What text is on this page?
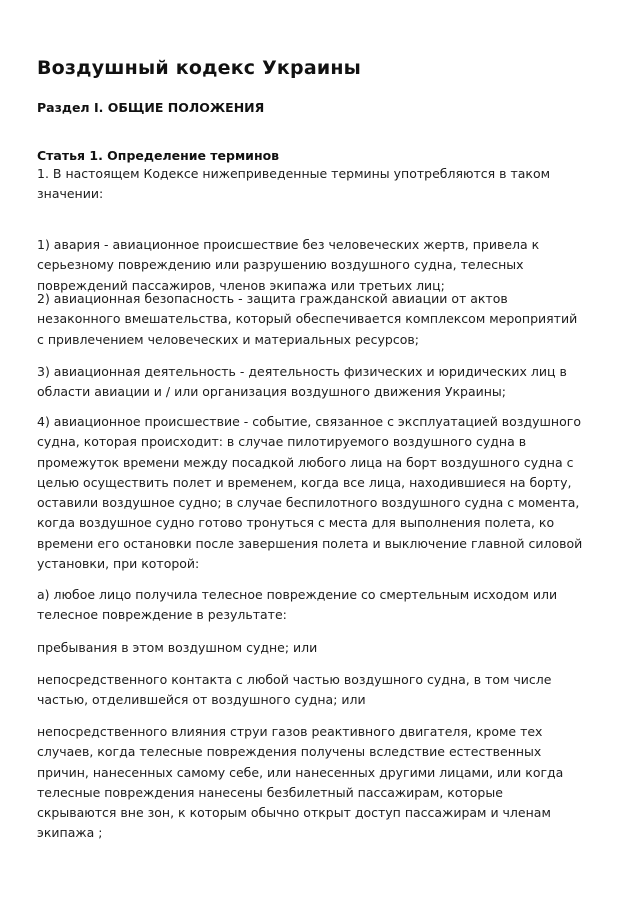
Воздушный кодекс Украины
Раздел I. ОБЩИЕ ПОЛОЖЕНИЯ
Статья 1. Определение терминов
1. В настоящем Кодексе нижеприведенные термины употребляются в таком
значении:
1) авария - авиационное происшествие без человеческих жертв, привела к
серьезному повреждению или разрушению воздушного судна, телесных
повреждений пассажиров, членов экипажа или третьих лиц;
2) авиационная безопасность - защита гражданской авиации от актов
незаконного вмешательства, который обеспечивается комплексом мероприятий
с привлечением человеческих и материальных ресурсов;
3) авиационная деятельность - деятельность физических и юридических лиц в
области авиации и / или организация воздушного движения Украины;
4) авиационное происшествие - событие, связанное с эксплуатацией воздушного
судна, которая происходит: в случае пилотируемого воздушного судна в
промежуток времени между посадкой любого лица на борт воздушного судна с
целью осуществить полет и временем, когда все лица, находившиеся на борту,
оставили воздушное судно; в случае беспилотного воздушного судна с момента,
когда воздушное судно готово тронуться с места для выполнения полета, ко
времени его остановки после завершения полета и выключение главной силовой
установки, при которой:
а) любое лицо получила телесное повреждение со смертельным исходом или
телесное повреждение в результате:
пребывания в этом воздушном судне; или
непосредственного контакта с любой частью воздушного судна, в том числе
частью, отделившейся от воздушного судна; или
непосредственного влияния струи газов реактивного двигателя, кроме тех
случаев, когда телесные повреждения получены вследствие естественных
причин, нанесенных самому себе, или нанесенных другими лицами, или когда
телесные повреждения нанесены безбилетный пассажирам, которые
скрываются вне зон, к которым обычно открыт доступ пассажирам и членам
экипажа ;
